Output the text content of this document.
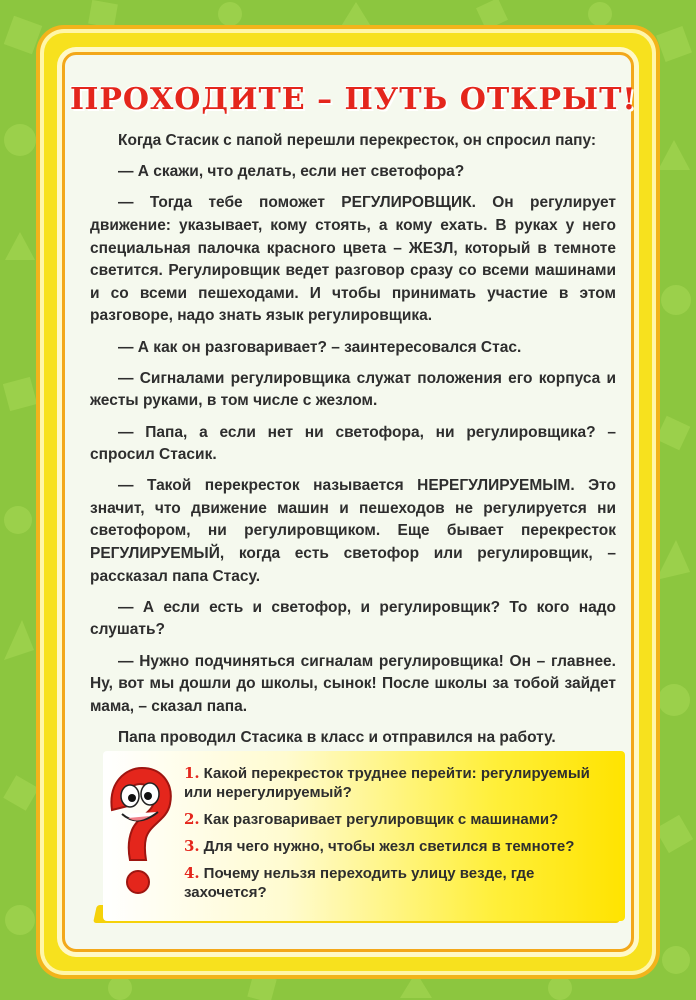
ПРОХОДИТЕ – ПУТЬ ОТКРЫТ!

Когда Стасик с папой перешли перекресток, он спросил папу:

— А скажи, что делать, если нет светофора?

— Тогда тебе поможет РЕГУЛИРОВЩИК. Он регулирует движение: указывает, кому стоять, а кому ехать. В руках у него специальная палочка красного цвета – ЖЕЗЛ, который в темноте светится. Регулировщик ведет разговор сразу со всеми машинами и со всеми пешеходами. И чтобы принимать участие в этом разговоре, надо знать язык регулировщика.

— А как он разговаривает? – заинтересовался Стас.

— Сигналами регулировщика служат положения его корпуса и жесты руками, в том числе с жезлом.

— Папа, а если нет ни светофора, ни регулировщика? – спросил Стасик.

— Такой перекресток называется НЕРЕГУЛИРУЕМЫМ. Это значит, что движение машин и пешеходов не регулируется ни светофором, ни регулировщиком. Еще бывает перекресток РЕГУЛИРУЕМЫЙ, когда есть светофор или регулировщик, – рассказал папа Стасу.

— А если есть и светофор, и регулировщик? То кого надо слушать?

— Нужно подчиняться сигналам регулировщика! Он – главнее. Ну, вот мы дошли до школы, сынок! После школы за тобой зайдет мама, – сказал папа.

Папа проводил Стасика в класс и отправился на работу.

1. Какой перекресток труднее перейти: регулируемый или нерегулируемый?
2. Как разговаривает регулировщик с машинами?
3. Для чего нужно, чтобы жезл светился в темноте?
4. Почему нельзя переходить улицу везде, где захочется?
